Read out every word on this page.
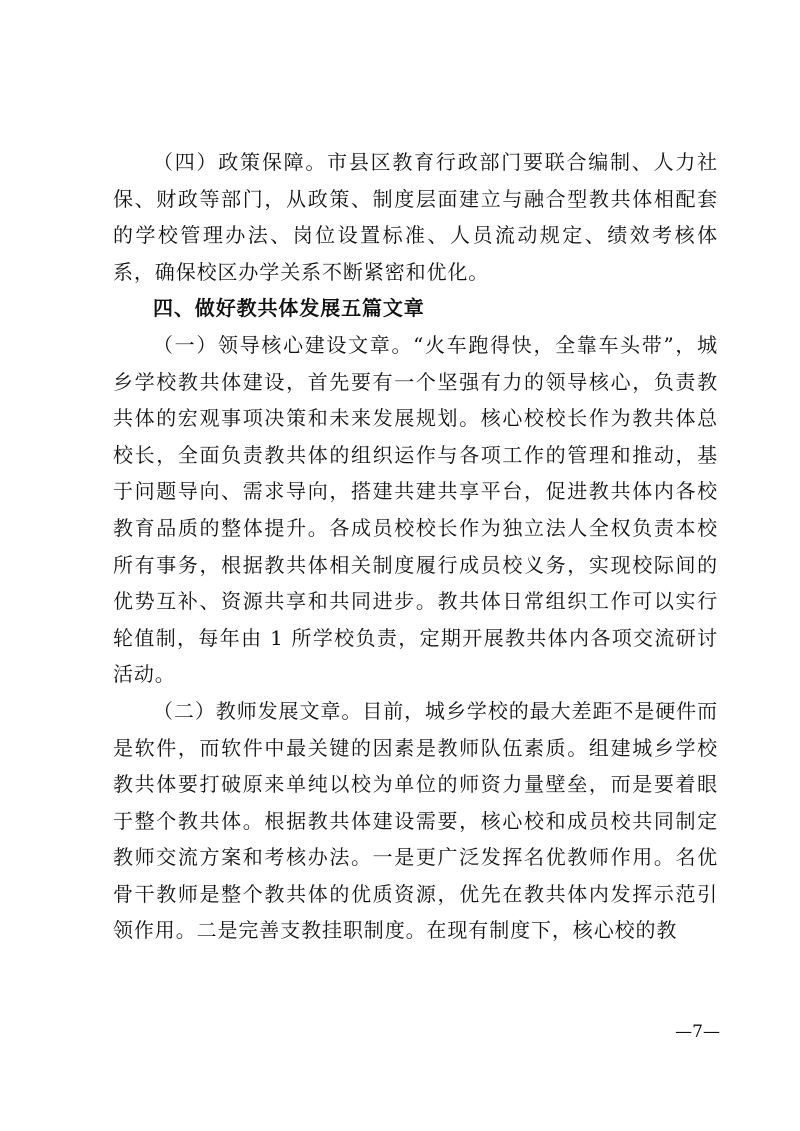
（四）政策保障。市县区教育行政部门要联合编制、人力社保、财政等部门，从政策、制度层面建立与融合型教共体相配套的学校管理办法、岗位设置标准、人员流动规定、绩效考核体系，确保校区办学关系不断紧密和优化。

四、做好教共体发展五篇文章

（一）领导核心建设文章。“火车跑得快，全靠车头带”，城乡学校教共体建设，首先要有一个坚强有力的领导核心，负责教共体的宏观事项决策和未来发展规划。核心校校长作为教共体总校长，全面负责教共体的组织运作与各项工作的管理和推动，基于问题导向、需求导向，搭建共建共享平台，促进教共体内各校教育品质的整体提升。各成员校校长作为独立法人全权负责本校所有事务，根据教共体相关制度履行成员校义务，实现校际间的优势互补、资源共享和共同进步。教共体日常组织工作可以实行轮值制，每年由 1 所学校负责，定期开展教共体内各项交流研讨活动。

（二）教师发展文章。目前，城乡学校的最大差距不是硬件而是软件，而软件中最关键的因素是教师队伍素质。组建城乡学校教共体要打破原来单纯以校为单位的师资力量壁垒，而是要着眼于整个教共体。根据教共体建设需要，核心校和成员校共同制定教师交流方案和考核办法。一是更广泛发挥名优教师作用。名优骨干教师是整个教共体的优质资源，优先在教共体内发挥示范引领作用。二是完善支教挂职制度。在现有制度下，核心校的教

—7—
